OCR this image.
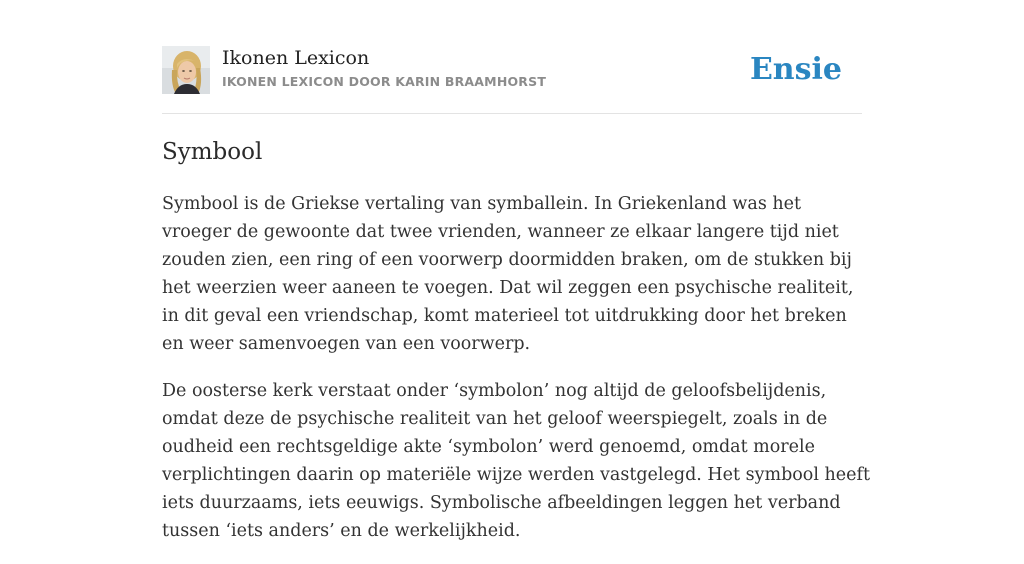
Ikonen Lexicon
IKONEN LEXICON DOOR KARIN BRAAMHORST	Ensie
Symbool

Symbool is de Griekse vertaling van symballein. In Griekenland was het vroeger de gewoonte dat twee vrienden, wanneer ze elkaar langere tijd niet zouden zien, een ring of een voorwerp doormidden braken, om de stukken bij het weerzien weer aaneen te voegen. Dat wil zeggen een psychische realiteit, in dit geval een vriendschap, komt materieel tot uitdrukking door het breken en weer samenvoegen van een voorwerp.

De oosterse kerk verstaat onder ‘symbolon’ nog altijd de geloofsbelijdenis, omdat deze de psychische realiteit van het geloof weerspiegelt, zoals in de oudheid een rechtsgeldige akte ‘symbolon’ werd genoemd, omdat morele verplichtingen daarin op materiële wijze werden vastgelegd. Het symbool heeft iets duurzaams, iets eeuwigs. Symbolische afbeeldingen leggen het verband tussen ‘iets anders’ en de werkelijkheid.
